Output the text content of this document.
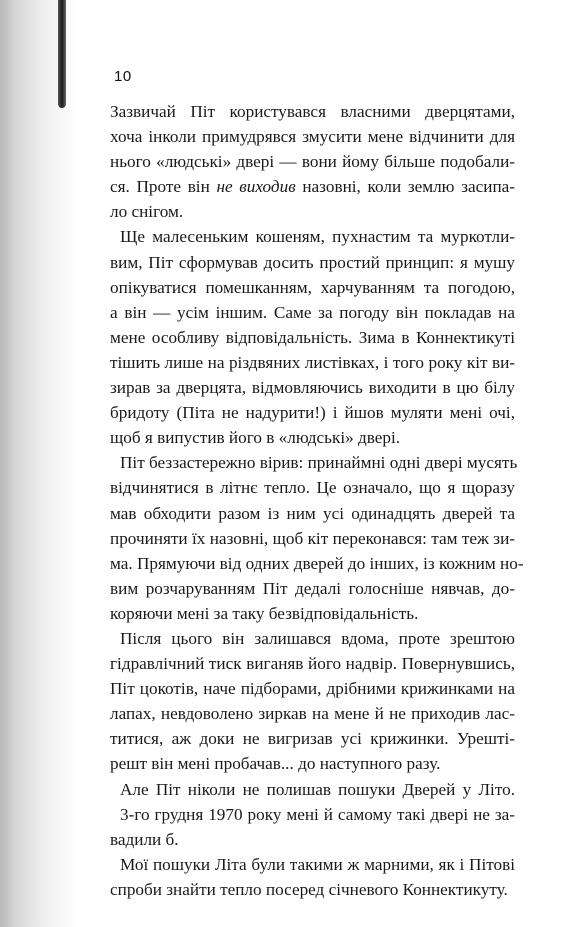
10
Зазвичай Піт користувався власними дверцятами,
хоча інколи примудрявся змусити мене відчинити для
нього «людські» двері — вони йому більше подобали-
ся. Проте він не виходив назовні, коли землю засипа-
ло снігом.
Ще малесеньким кошеням, пухнастим та муркотли-
вим, Піт сформував досить простий принцип: я мушу
опікуватися помешканням, харчуванням та погодою,
а він — усім іншим. Саме за погоду він покладав на
мене особливу відповідальність. Зима в Коннектикуті
тішить лише на різдвяних листівках, і того року кіт ви-
зирав за дверцята, відмовляючись виходити в цю білу
бридоту (Піта не надурити!) і йшов муляти мені очі,
щоб я випустив його в «людські» двері.
Піт беззастережно вірив: принаймні одні двері мусять
відчинятися в літнє тепло. Це означало, що я щоразу
мав обходити разом із ним усі одинадцять дверей та
прочиняти їх назовні, щоб кіт переконався: там теж зи-
ма. Прямуючи від одних дверей до інших, із кожним но-
вим розчаруванням Піт дедалі голосніше нявчав, до-
коряючи мені за таку безвідповідальність.
Після цього він залишався вдома, проте зрештою
гідравлічний тиск виганяв його надвір. Повернувшись,
Піт цокотів, наче підборами, дрібними крижинками на
лапах, невдоволено зиркав на мене й не приходив лас-
титися, аж доки не вигризав усі крижинки. Урешті-
решт він мені пробачав... до наступного разу.
Але Піт ніколи не полишав пошуки Дверей у Літо.
3-го грудня 1970 року мені й самому такі двері не за-
вадили б.
Мої пошуки Літа були такими ж марними, як і Пітові
спроби знайти тепло посеред січневого Коннектикуту.
